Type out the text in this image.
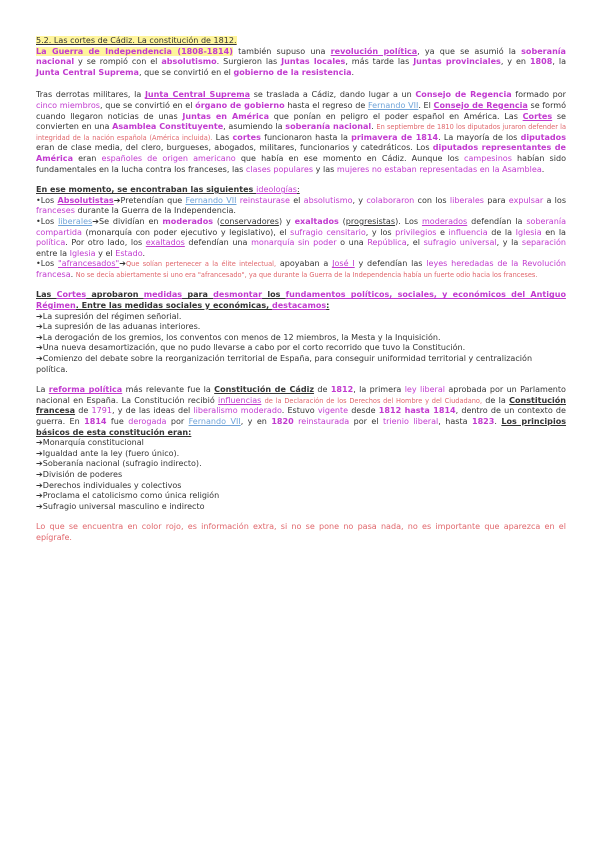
5.2. Las cortes de Cádiz. La constitución de 1812.
La Guerra de Independencia (1808-1814) también supuso una revolución política, ya que se asumió la soberanía nacional y se rompió con el absolutismo. Surgieron las Juntas locales, más tarde las Juntas provinciales, y en 1808, la Junta Central Suprema, que se convirtió en el gobierno de la resistencia.

Tras derrotas militares, la Junta Central Suprema se traslada a Cádiz, dando lugar a un Consejo de Regencia formado por cinco miembros, que se convirtió en el órgano de gobierno hasta el regreso de Fernando VII. El Consejo de Regencia se formó cuando llegaron noticias de unas Juntas en América que ponían en peligro el poder español en América. Las Cortes se convierten en una Asamblea Constituyente, asumiendo la soberanía nacional. En septiembre de 1810 los diputados juraron defender la integridad de la nación española (América incluida). Las cortes funcionaron hasta la primavera de 1814. La mayoría de los diputados eran de clase media, del clero, burgueses, abogados, militares, funcionarios y catedráticos. Los diputados representantes de América eran españoles de origen americano que había en ese momento en Cádiz. Aunque los campesinos habían sido fundamentales en la lucha contra los franceses, las clases populares y las mujeres no estaban representadas en la Asamblea.

En ese momento, se encontraban las siguientes ideologías:
•Los Absolutistas➔Pretendían que Fernando VII reinstaurase el absolutismo, y colaboraron con los liberales para expulsar a los franceses durante la Guerra de la Independencia.
•Los liberales➔Se dividían en moderados (conservadores) y exaltados (progresistas). Los moderados defendían la soberanía compartida (monarquía con poder ejecutivo y legislativo), el sufragio censitario, y los privilegios e influencia de la Iglesia en la política. Por otro lado, los exaltados defendían una monarquía sin poder o una República, el sufragio universal, y la separación entre la Iglesia y el Estado.
•Los "afrancesados"➔Que solían pertenecer a la élite intelectual, apoyaban a José I y defendían las leyes heredadas de la Revolución francesa. No se decía abiertamente si uno era "afrancesado", ya que durante la Guerra de la Independencia había un fuerte odio hacia los franceses.

Las Cortes aprobaron medidas para desmontar los fundamentos políticos, sociales, y económicos del Antiguo Régimen. Entre las medidas sociales y económicas, destacamos:

➔La supresión del régimen señorial.
➔La supresión de las aduanas interiores.
➔La derogación de los gremios, los conventos con menos de 12 miembros, la Mesta y la Inquisición.
➔Una nueva desamortización, que no pudo llevarse a cabo por el corto recorrido que tuvo la Constitución.
➔Comienzo del debate sobre la reorganización territorial de España, para conseguir uniformidad territorial y centralización política.

La reforma política más relevante fue la Constitución de Cádiz de 1812, la primera ley liberal aprobada por un Parlamento nacional en España. La Constitución recibió influencias de la Declaración de los Derechos del Hombre y del Ciudadano, de la Constitución francesa de 1791, y de las ideas del liberalismo moderado. Estuvo vigente desde 1812 hasta 1814, dentro de un contexto de guerra. En 1814 fue derogada por Fernando VII, y en 1820 reinstaurada por el trienio liberal, hasta 1823. Los principios básicos de esta constitución eran:

➔Monarquía constitucional
➔Igualdad ante la ley (fuero único).
➔Soberanía nacional (sufragio indirecto).
➔División de poderes
➔Derechos individuales y colectivos
➔Proclama el catolicismo como única religión
➔Sufragio universal masculino e indirecto

Lo que se encuentra en color rojo, es información extra, si no se pone no pasa nada, no es importante que aparezca en el epígrafe.
